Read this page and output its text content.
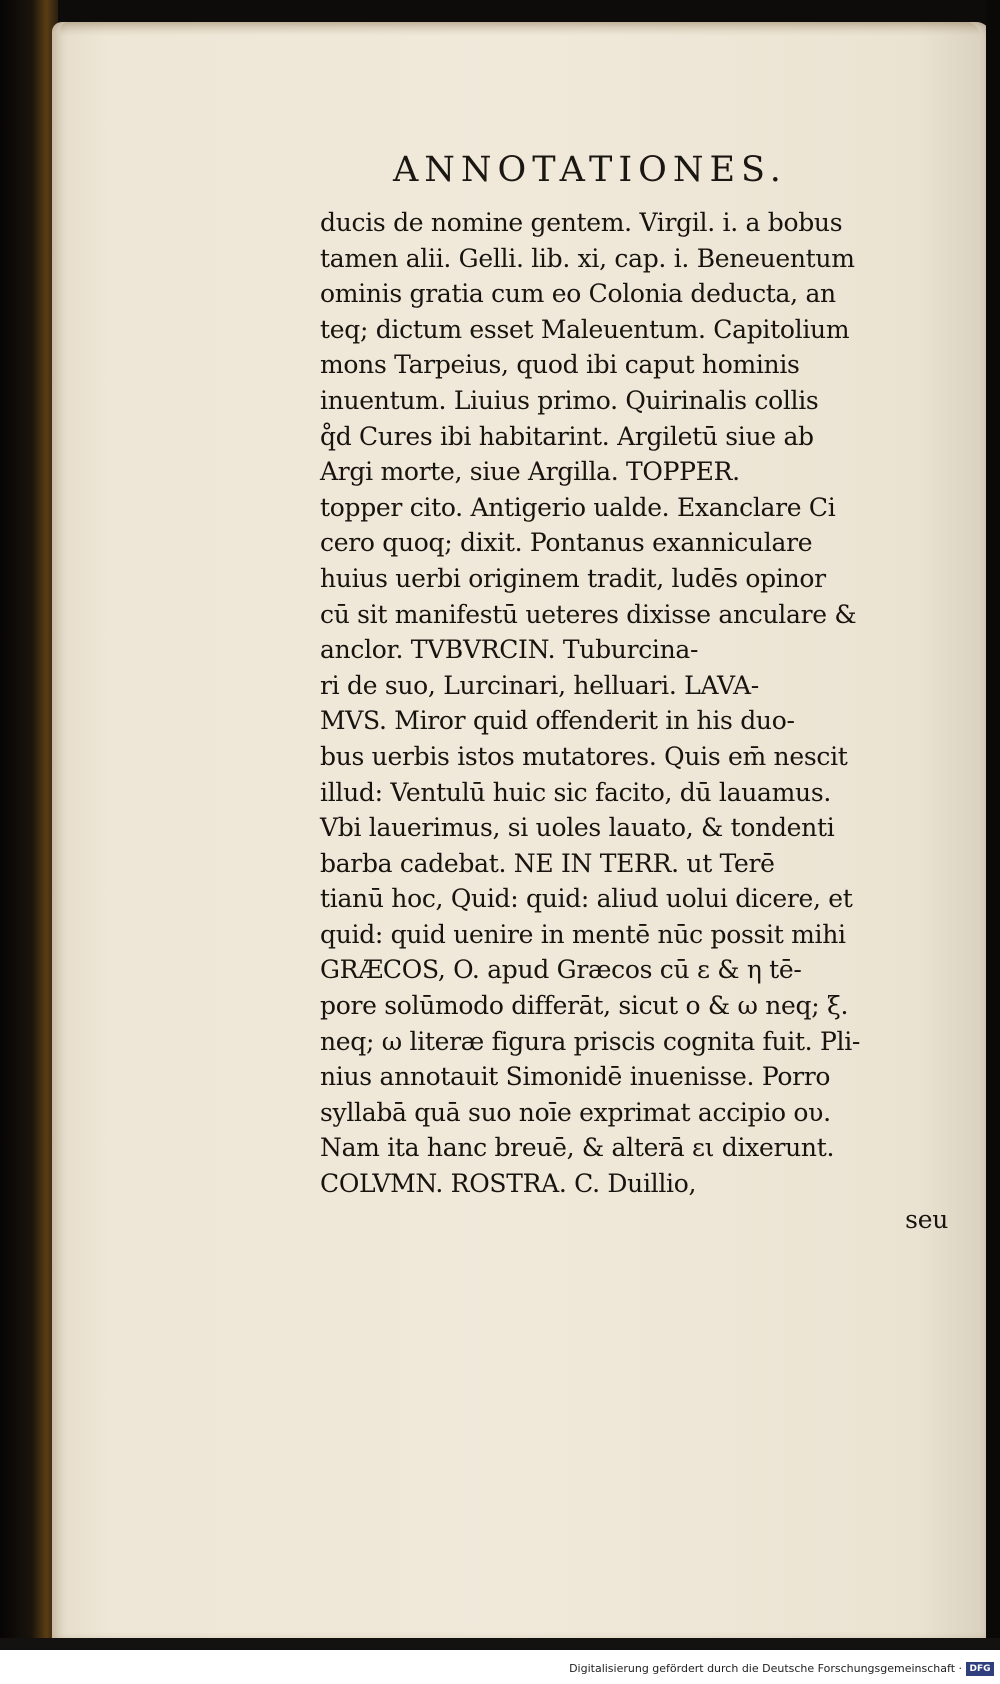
ANNOTATIONES.
ducis de nomine gentem. Virgil. i. a bobus
tamen alii. Gelli. lib. xi, cap. i. Beneuentum
ominis gratia cum eo Colonia deducta, an
teq; dictum esset Maleuentum. Capitolium
mons Tarpeius, quod ibi caput hominis
inuentum. Liuius primo. Quirinalis collis
q̊d Cures ibi habitarint. Argiletū siue ab
Argi morte, siue Argilla. TOPPER.
topper cito. Antigerio ualde. Exanclare Ci
cero quoq; dixit. Pontanus exanniculare
huius uerbi originem tradit, ludēs opinor
cū sit manifestū ueteres dixisse anculare &
anclor. TVBVRCIN. Tuburcina-
ri de suo, Lurcinari, helluari. LAVA-
MVS. Miror quid offenderit in his duo-
bus uerbis istos mutatores. Quis em̄ nescit
illud: Ventulū huic sic facito, dū lauamus.
Vbi lauerimus, si uoles lauato, & tondenti
barba cadebat. NE IN TERR. ut Terē
tianū hoc, Quid: quid: aliud uolui dicere, et
quid: quid uenire in mentē nūc possit mihi
GRÆCOS, O. apud Græcos cū ε & η tē-
pore solūmodo differāt, sicut ο & ω neq; ξ.
neq; ω literæ figura priscis cognita fuit. Pli-
nius annotauit Simonidē inuenisse. Porro
syllabā quā suo noīe exprimat accipio ου.
Nam ita hanc breuē, & alterā ει dixerunt.
COLVMN. ROSTRA. C. Duillio,
seu
Digitalisierung gefördert durch die Deutsche Forschungsgemeinschaft · DFG
